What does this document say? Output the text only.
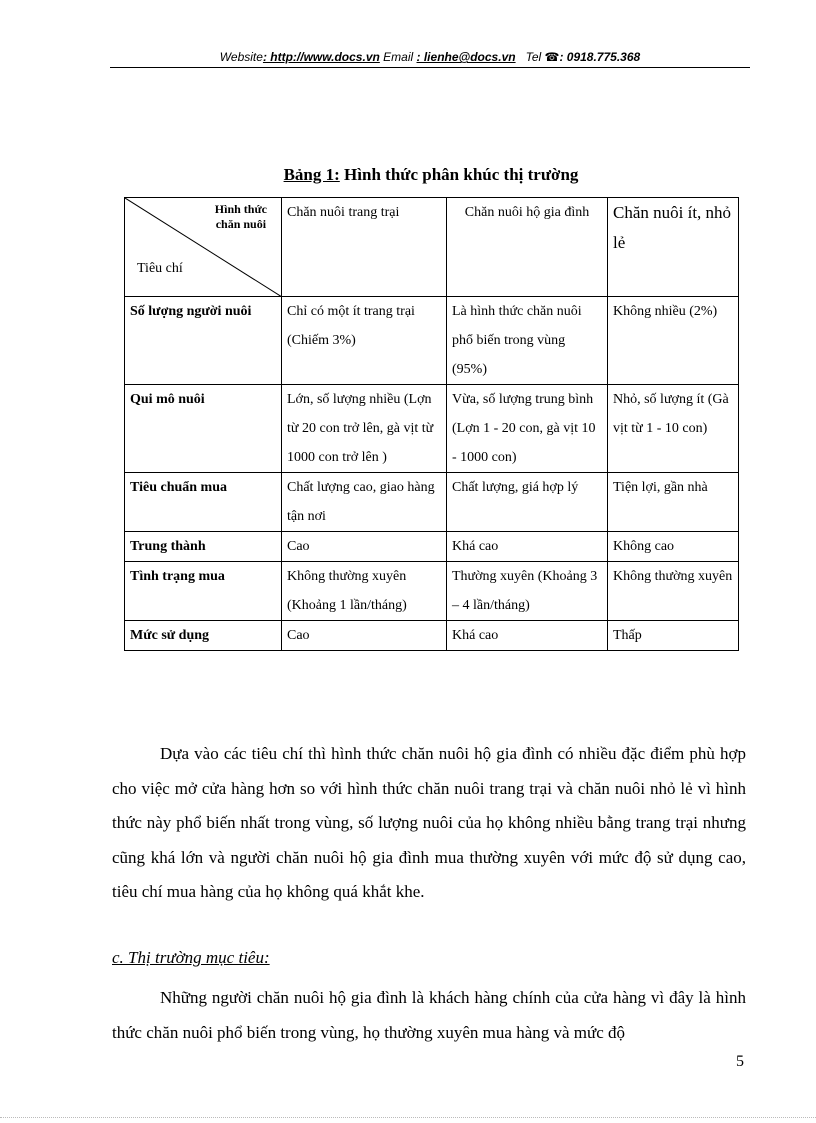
Website: http://www.docs.vn Email : lienhe@docs.vn Tel ☎: 0918.775.368
Bảng 1: Hình thức phân khúc thị trường
Hình thức
chăn nuôi
Tiêu chí	Chăn nuôi trang trại	Chăn nuôi hộ gia đình	Chăn nuôi ít, nhỏ lẻ
Số lượng người nuôi	Chỉ có một ít trang trại (Chiếm 3%)	Là hình thức chăn nuôi phổ biến trong vùng (95%)	Không nhiều (2%)
Qui mô nuôi	Lớn, số lượng nhiều (Lợn từ 20 con trở lên, gà vịt từ 1000 con trở lên )	Vừa, số lượng trung bình (Lợn 1 - 20 con, gà vịt 10 - 1000 con)	Nhỏ, số lượng ít (Gà vịt từ 1 - 10 con)
Tiêu chuẩn mua	Chất lượng cao, giao hàng tận nơi	Chất lượng, giá hợp lý	Tiện lợi, gần nhà
Trung thành	Cao	Khá cao	Không cao
Tình trạng mua	Không thường xuyên (Khoảng 1 lần/tháng)	Thường xuyên (Khoảng 3 – 4 lần/tháng)	Không thường xuyên
Mức sử dụng	Cao	Khá cao	Thấp
Dựa vào các tiêu chí thì hình thức chăn nuôi hộ gia đình có nhiều đặc điểm phù hợp cho việc mở cửa hàng hơn so với hình thức chăn nuôi trang trại và chăn nuôi nhỏ lẻ vì hình thức này phổ biến nhất trong vùng, số lượng nuôi của họ không nhiều bằng trang trại nhưng cũng khá lớn và người chăn nuôi hộ gia đình mua thường xuyên với mức độ sử dụng cao, tiêu chí mua hàng của họ không quá khắt khe.
c. Thị trường mục tiêu:
Những người chăn nuôi hộ gia đình là khách hàng chính của cửa hàng vì đây là hình thức chăn nuôi phổ biến trong vùng, họ thường xuyên mua hàng và mức độ
5
